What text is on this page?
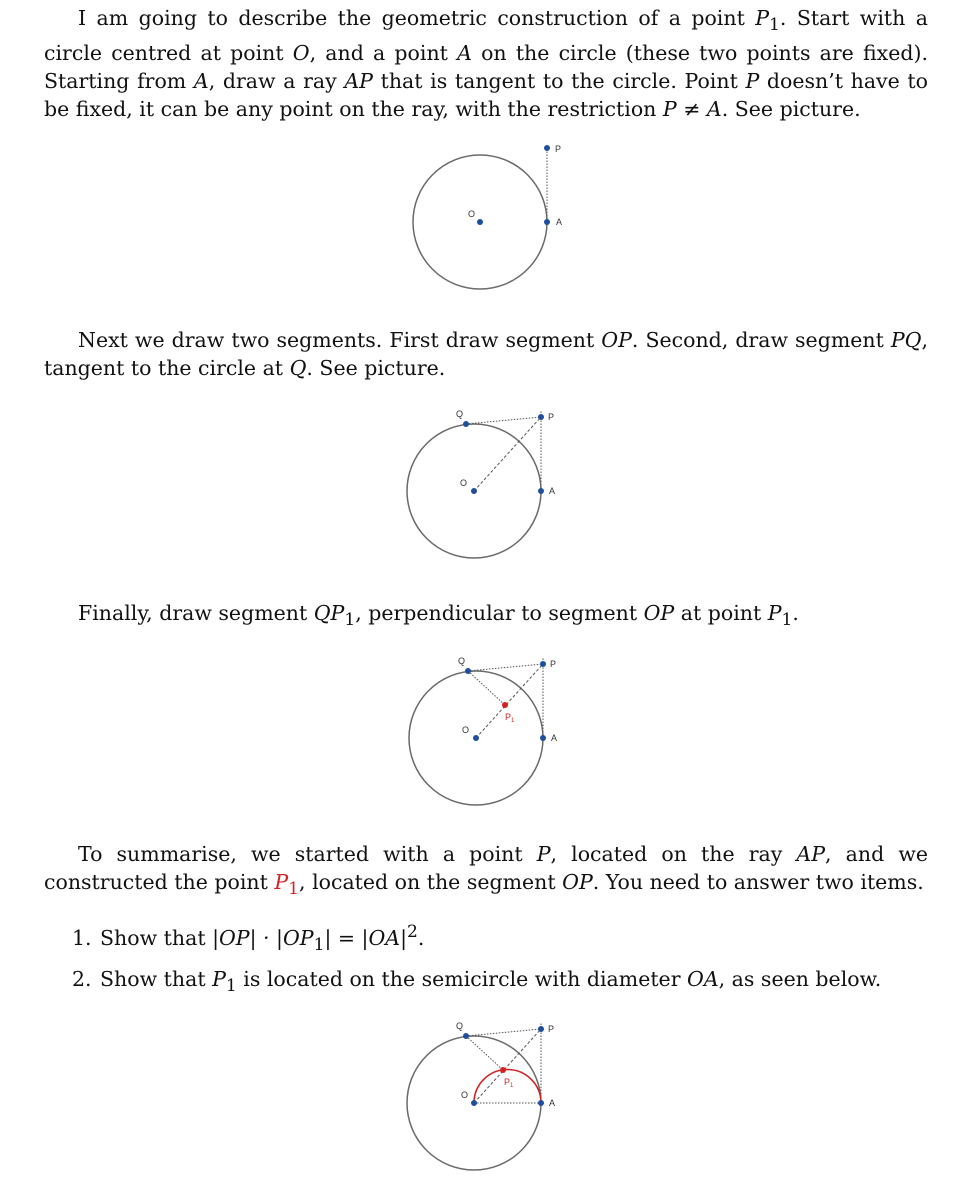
I am going to describe the geometric construction of a point $P_1$. Start with a circle centred at point O, and a point A on the circle (these two points are fixed). Starting from A, draw a ray AP that is tangent to the circle. Point P doesn’t have to be fixed, it can be any point on the ray, with the restriction P ≠ A. See picture.

O
A
P

Next we draw two segments. First draw segment OP. Second, draw segment PQ, tangent to the circle at Q. See picture.

O
A
P
Q

Finally, draw segment $QP_1$, perpendicular to segment OP at point $P_1$.

O
A
P
Q
$P_1$

To summarise, we started with a point P, located on the ray AP, and we constructed the point $P_1$, located on the segment OP. You need to answer two items.

1. Show that $|OP| \cdot |OP_1| = |OA|^2$.

2. Show that $P_1$ is located on the semicircle with diameter OA, as seen below.

O
A
P
Q
$P_1$
